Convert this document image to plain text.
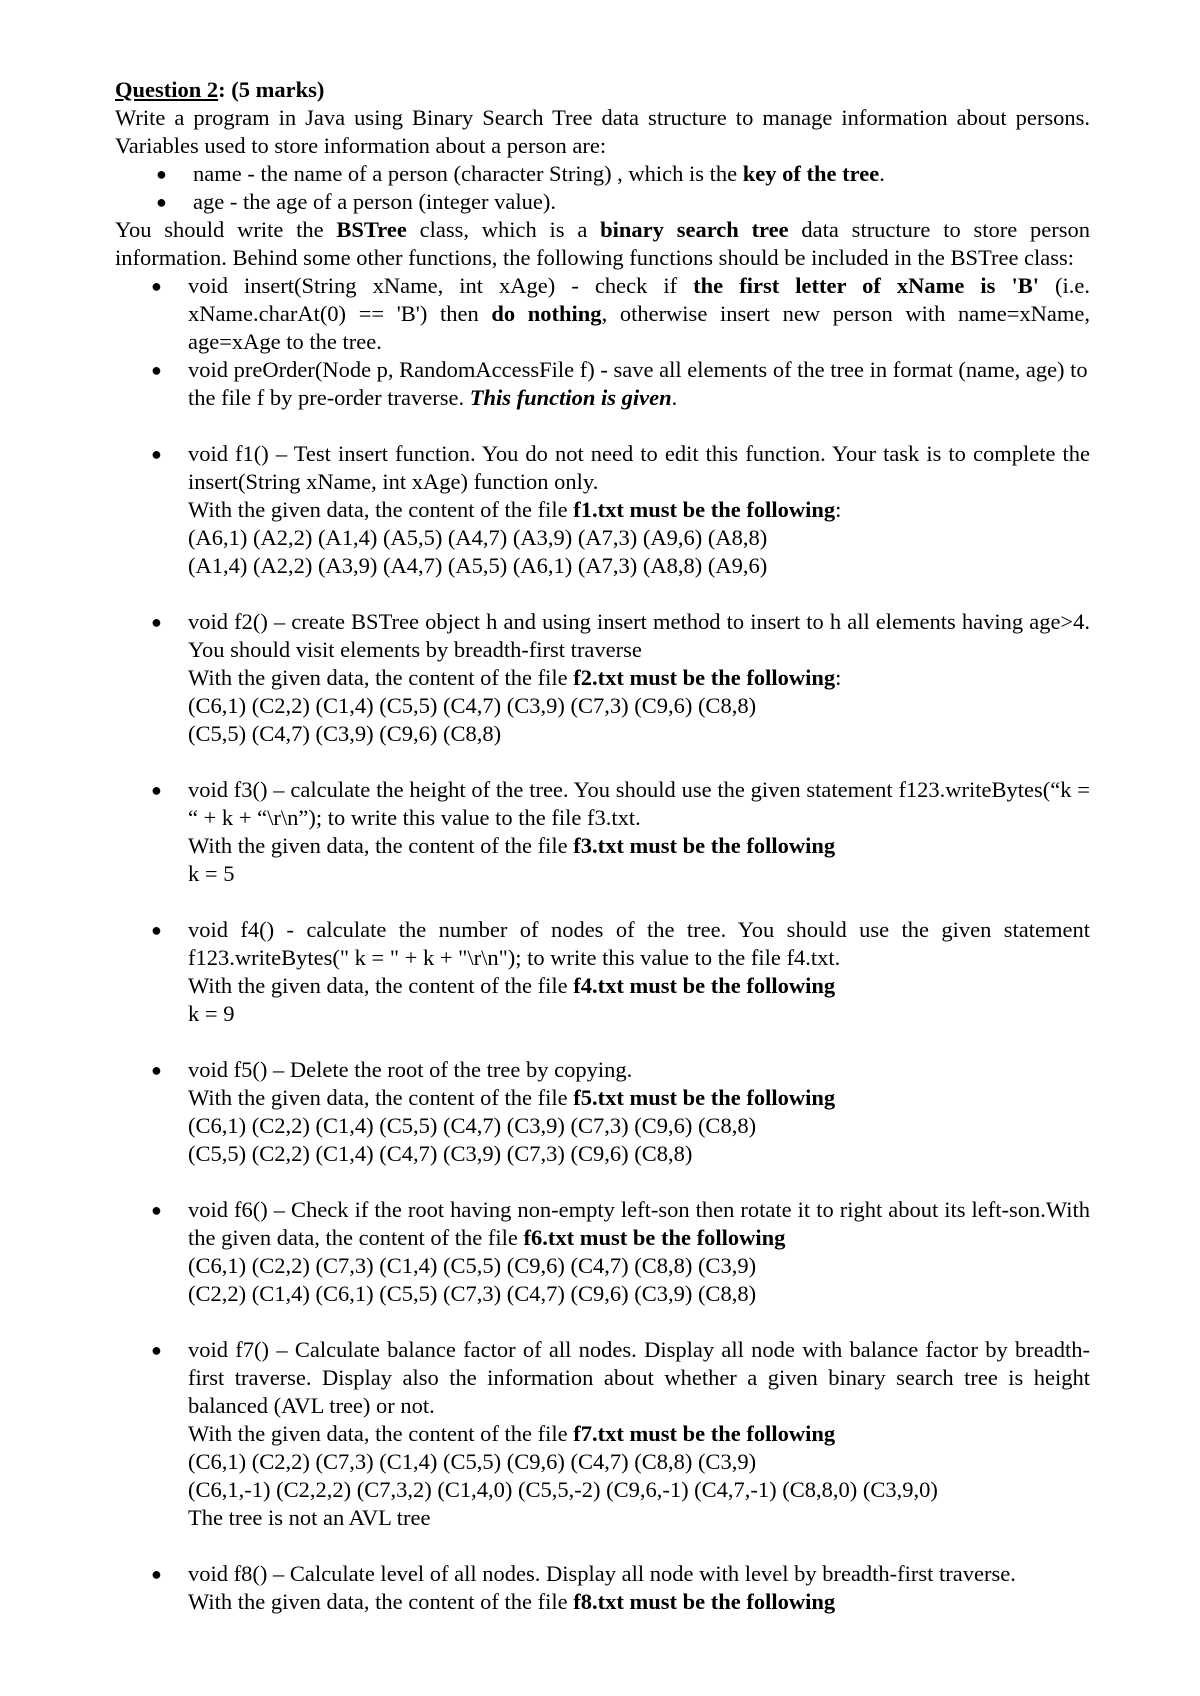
Question 2: (5 marks)

Write a program in Java using Binary Search Tree data structure to manage information about persons. Variables used to store information about a person are:

● name - the name of a person (character String) , which is the key of the tree.
● age - the age of a person (integer value).

You should write the BSTree class, which is a binary search tree data structure to store person information. Behind some other functions, the following functions should be included in the BSTree class:

● void insert(String xName, int xAge) - check if the first letter of xName is 'B' (i.e. xName.charAt(0) == 'B') then do nothing, otherwise insert new person with name=xName, age=xAge to the tree.
● void preOrder(Node p, RandomAccessFile f) - save all elements of the tree in format (name, age) to the file f by pre-order traverse. This function is given.
● void f1() – Test insert function. You do not need to edit this function. Your task is to complete the insert(String xName, int xAge) function only.
With the given data, the content of the file f1.txt must be the following:
(A6,1) (A2,2) (A1,4) (A5,5) (A4,7) (A3,9) (A7,3) (A9,6) (A8,8)
(A1,4) (A2,2) (A3,9) (A4,7) (A5,5) (A6,1) (A7,3) (A8,8) (A9,6)
● void f2() – create BSTree object h and using insert method to insert to h all elements having age>4. You should visit elements by breadth-first traverse
With the given data, the content of the file f2.txt must be the following:
(C6,1) (C2,2) (C1,4) (C5,5) (C4,7) (C3,9) (C7,3) (C9,6) (C8,8)
(C5,5) (C4,7) (C3,9) (C9,6) (C8,8)
● void f3() – calculate the height of the tree. You should use the given statement f123.writeBytes(“k = “ + k + “\r\n”); to write this value to the file f3.txt.
With the given data, the content of the file f3.txt must be the following
k = 5
● void f4() - calculate the number of nodes of the tree. You should use the given statement f123.writeBytes(" k = " + k + "\r\n"); to write this value to the file f4.txt.
With the given data, the content of the file f4.txt must be the following
k = 9
● void f5() – Delete the root of the tree by copying.
With the given data, the content of the file f5.txt must be the following
(C6,1) (C2,2) (C1,4) (C5,5) (C4,7) (C3,9) (C7,3) (C9,6) (C8,8)
(C5,5) (C2,2) (C1,4) (C4,7) (C3,9) (C7,3) (C9,6) (C8,8)
● void f6() – Check if the root having non-empty left-son then rotate it to right about its left-son.With the given data, the content of the file f6.txt must be the following
(C6,1) (C2,2) (C7,3) (C1,4) (C5,5) (C9,6) (C4,7) (C8,8) (C3,9)
(C2,2) (C1,4) (C6,1) (C5,5) (C7,3) (C4,7) (C9,6) (C3,9) (C8,8)
● void f7() – Calculate balance factor of all nodes. Display all node with balance factor by breadth-first traverse. Display also the information about whether a given binary search tree is height balanced (AVL tree) or not.
With the given data, the content of the file f7.txt must be the following
(C6,1) (C2,2) (C7,3) (C1,4) (C5,5) (C9,6) (C4,7) (C8,8) (C3,9)
(C6,1,-1) (C2,2,2) (C7,3,2) (C1,4,0) (C5,5,-2) (C9,6,-1) (C4,7,-1) (C8,8,0) (C3,9,0)
The tree is not an AVL tree
● void f8() – Calculate level of all nodes. Display all node with level by breadth-first traverse.
With the given data, the content of the file f8.txt must be the following
